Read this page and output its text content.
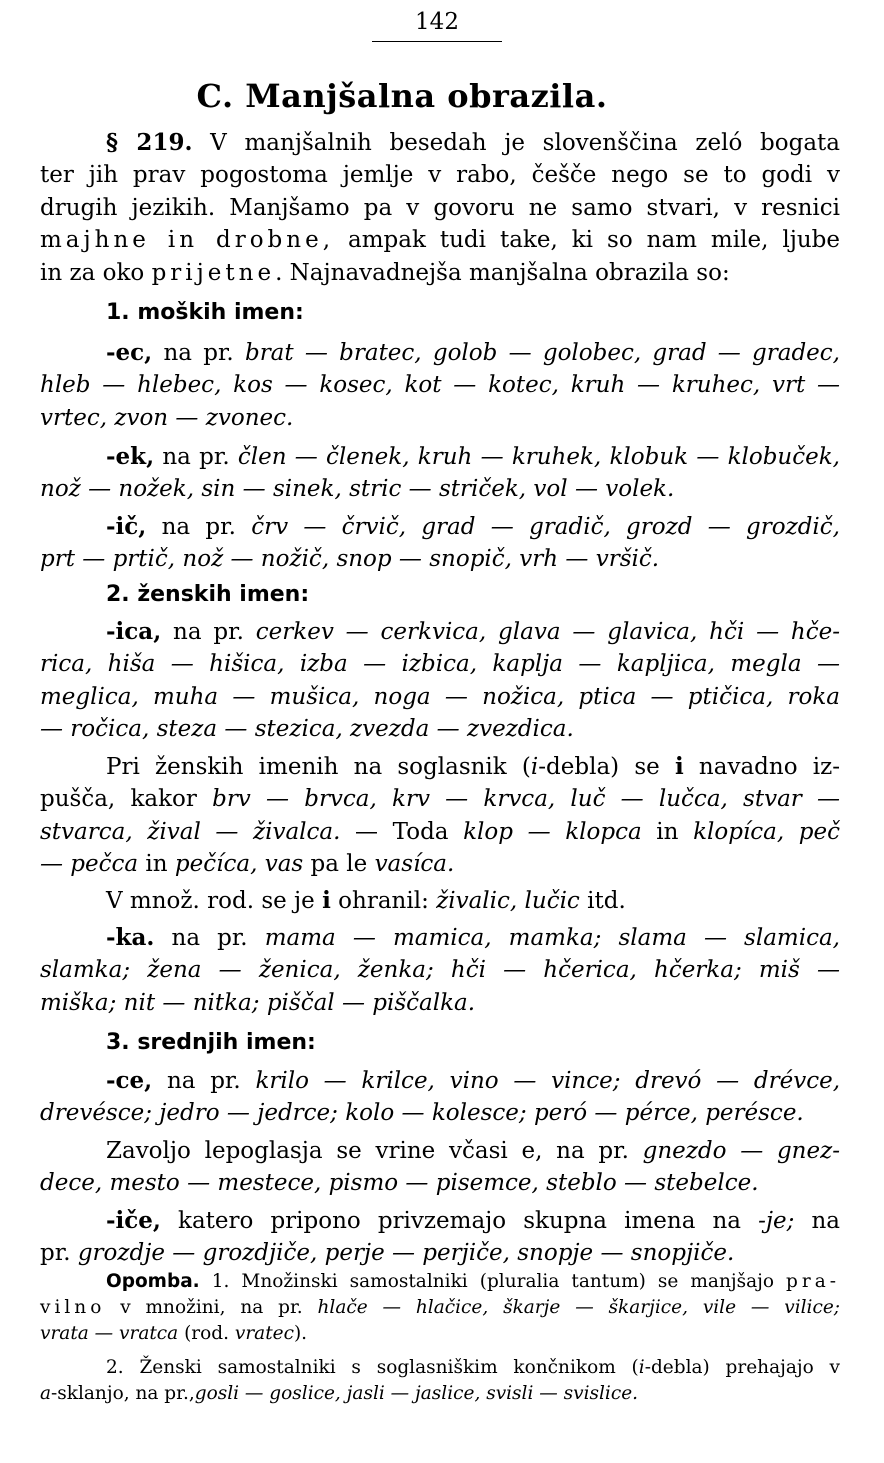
142
C. Manjšalna obrazila.
§ 219. V manjšalnih besedah je slovenščina zeló bogata
ter jih prav pogostoma jemlje v rabo, češče nego se to godi v
drugih jezikih. Manjšamo pa v govoru ne samo stvari, v resnici
majhne in drobne, ampak tudi take, ki so nam mile, ljube
in za oko prijetne. Najnavadnejša manjšalna obrazila so:
1. moških imen:
-ec, na pr. brat — bratec, golob — golobec, grad — gradec,
hleb — hlebec, kos — kosec, kot — kotec, kruh — kruhec, vrt —
vrtec, zvon — zvonec.
-ek, na pr. člen — členek, kruh — kruhek, klobuk — klobuček,
nož — nožek, sin — sinek, stric — striček, vol — volek.
-ič, na pr. črv — črvič, grad — gradič, grozd — grozdič,
prt — prtič, nož — nožič, snop — snopič, vrh — vršič.
2. ženskih imen:
-ica, na pr. cerkev — cerkvica, glava — glavica, hči — hče-
rica, hiša — hišica, izba — izbica, kaplja — kapljica, megla —
meglica, muha — mušica, noga — nožica, ptica — ptičica, roka
— ročica, steza — stezica, zvezda — zvezdica.
Pri ženskih imenih na soglasnik (i-debla) se i navadno iz-
pušča, kakor brv — brvca, krv — krvca, luč — lučca, stvar —
stvarca, žival — živalca. — Toda klop — klopca in klopíca, peč
— pečca in pečíca, vas pa le vasíca.
V množ. rod. se je i ohranil: živalic, lučic itd.
-ka. na pr. mama — mamica, mamka; slama — slamica,
slamka; žena — ženica, ženka; hči — hčerica, hčerka; miš —
miška; nit — nitka; piščal — piščalka.
3. srednjih imen:
-ce, na pr. krilo — krilce, vino — vince; drevó — drévce,
drevésce; jedro — jedrce; kolo — kolesce; peró — pérce, perésce.
Zavoljo lepoglasja se vrine včasi e, na pr. gnezdo — gnez-
dece, mesto — mestece, pismo — pisemce, steblo — stebelce.
-iče, katero pripono privzemajo skupna imena na -je; na
pr. grozdje — grozdjiče, perje — perjiče, snopje — snopjiče.
Opomba. 1. Množinski samostalniki (pluralia tantum) se manjšajo pra-
vilno v množini, na pr. hlače — hlačice, škarje — škarjice, vile — vilice;
vrata — vratca (rod. vratec).
2. Ženski samostalniki s soglasniškim končnikom (i-debla) prehajajo v
a-sklanjo, na pr.,gosli — goslice, jasli — jaslice, svisli — svislice.
